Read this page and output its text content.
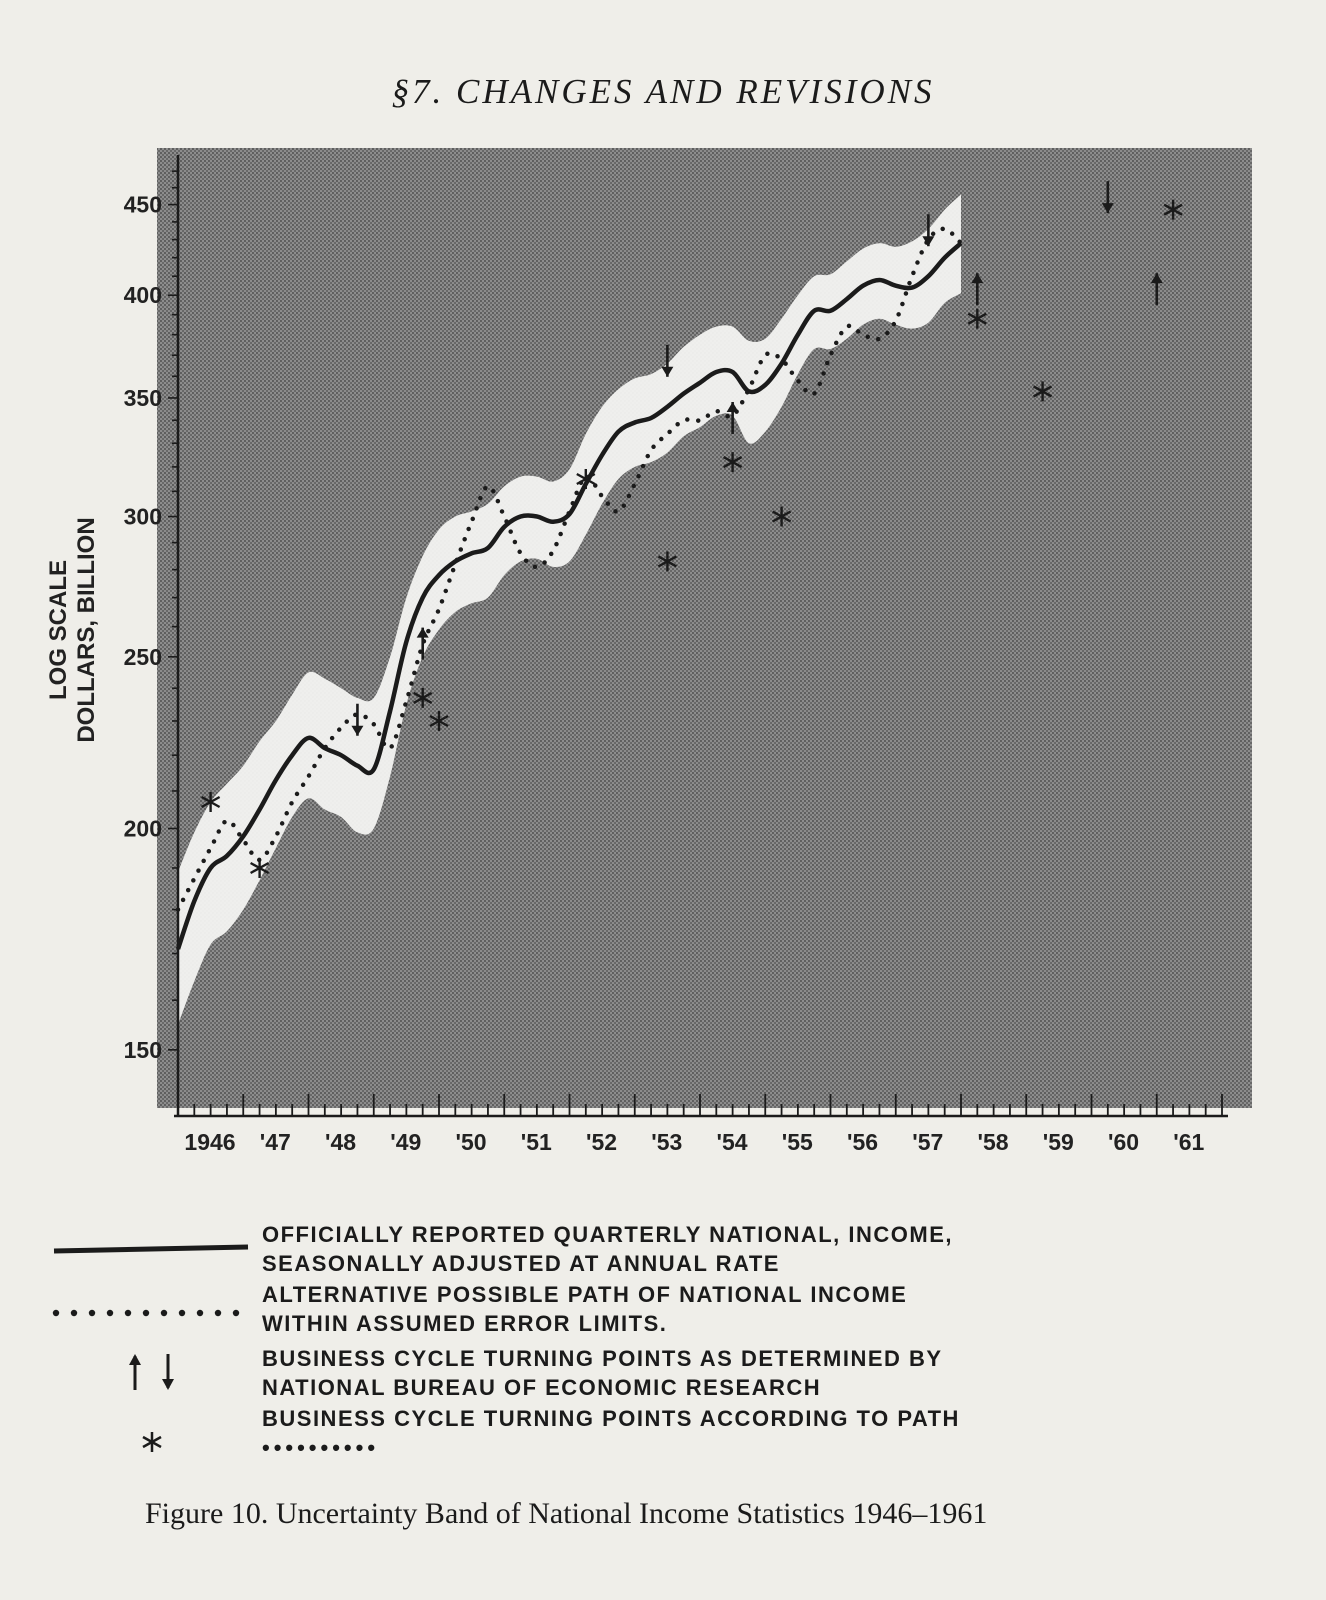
§7. CHANGES AND REVISIONS
150
200
250
300
350
400
450
1946 '47 '48 '49 '50 '51 '52 '53 '54 '55 '56 '57 '58 '59 '60 '61
LOG SCALE DOLLARS, BILLION
OFFICIALLY REPORTED QUARTERLY NATIONAL, INCOME,
SEASONALLY ADJUSTED AT ANNUAL RATE
ALTERNATIVE POSSIBLE PATH OF NATIONAL INCOME
WITHIN ASSUMED ERROR LIMITS.
BUSINESS CYCLE TURNING POINTS AS DETERMINED BY
NATIONAL BUREAU OF ECONOMIC RESEARCH
BUSINESS CYCLE TURNING POINTS ACCORDING TO PATH
••••••••••
Figure 10. Uncertainty Band of National Income Statistics 1946–1961
